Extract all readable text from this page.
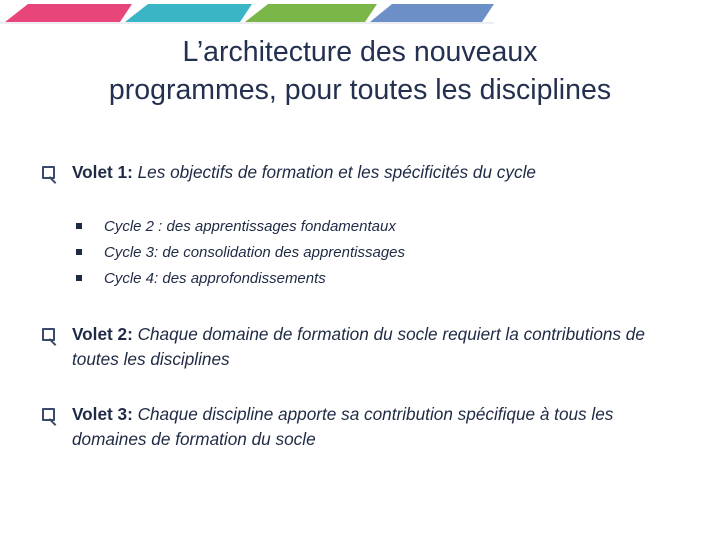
L’architecture des nouveaux
programmes, pour toutes les disciplines
Volet 1: Les objectifs de formation et les spécificités du cycle
Cycle 2 : des apprentissages fondamentaux
Cycle 3: de consolidation des apprentissages
Cycle 4: des approfondissements
Volet 2: Chaque domaine de formation du socle requiert la contributions de toutes les disciplines
Volet 3: Chaque discipline apporte sa contribution spécifique à tous les domaines de formation du socle
